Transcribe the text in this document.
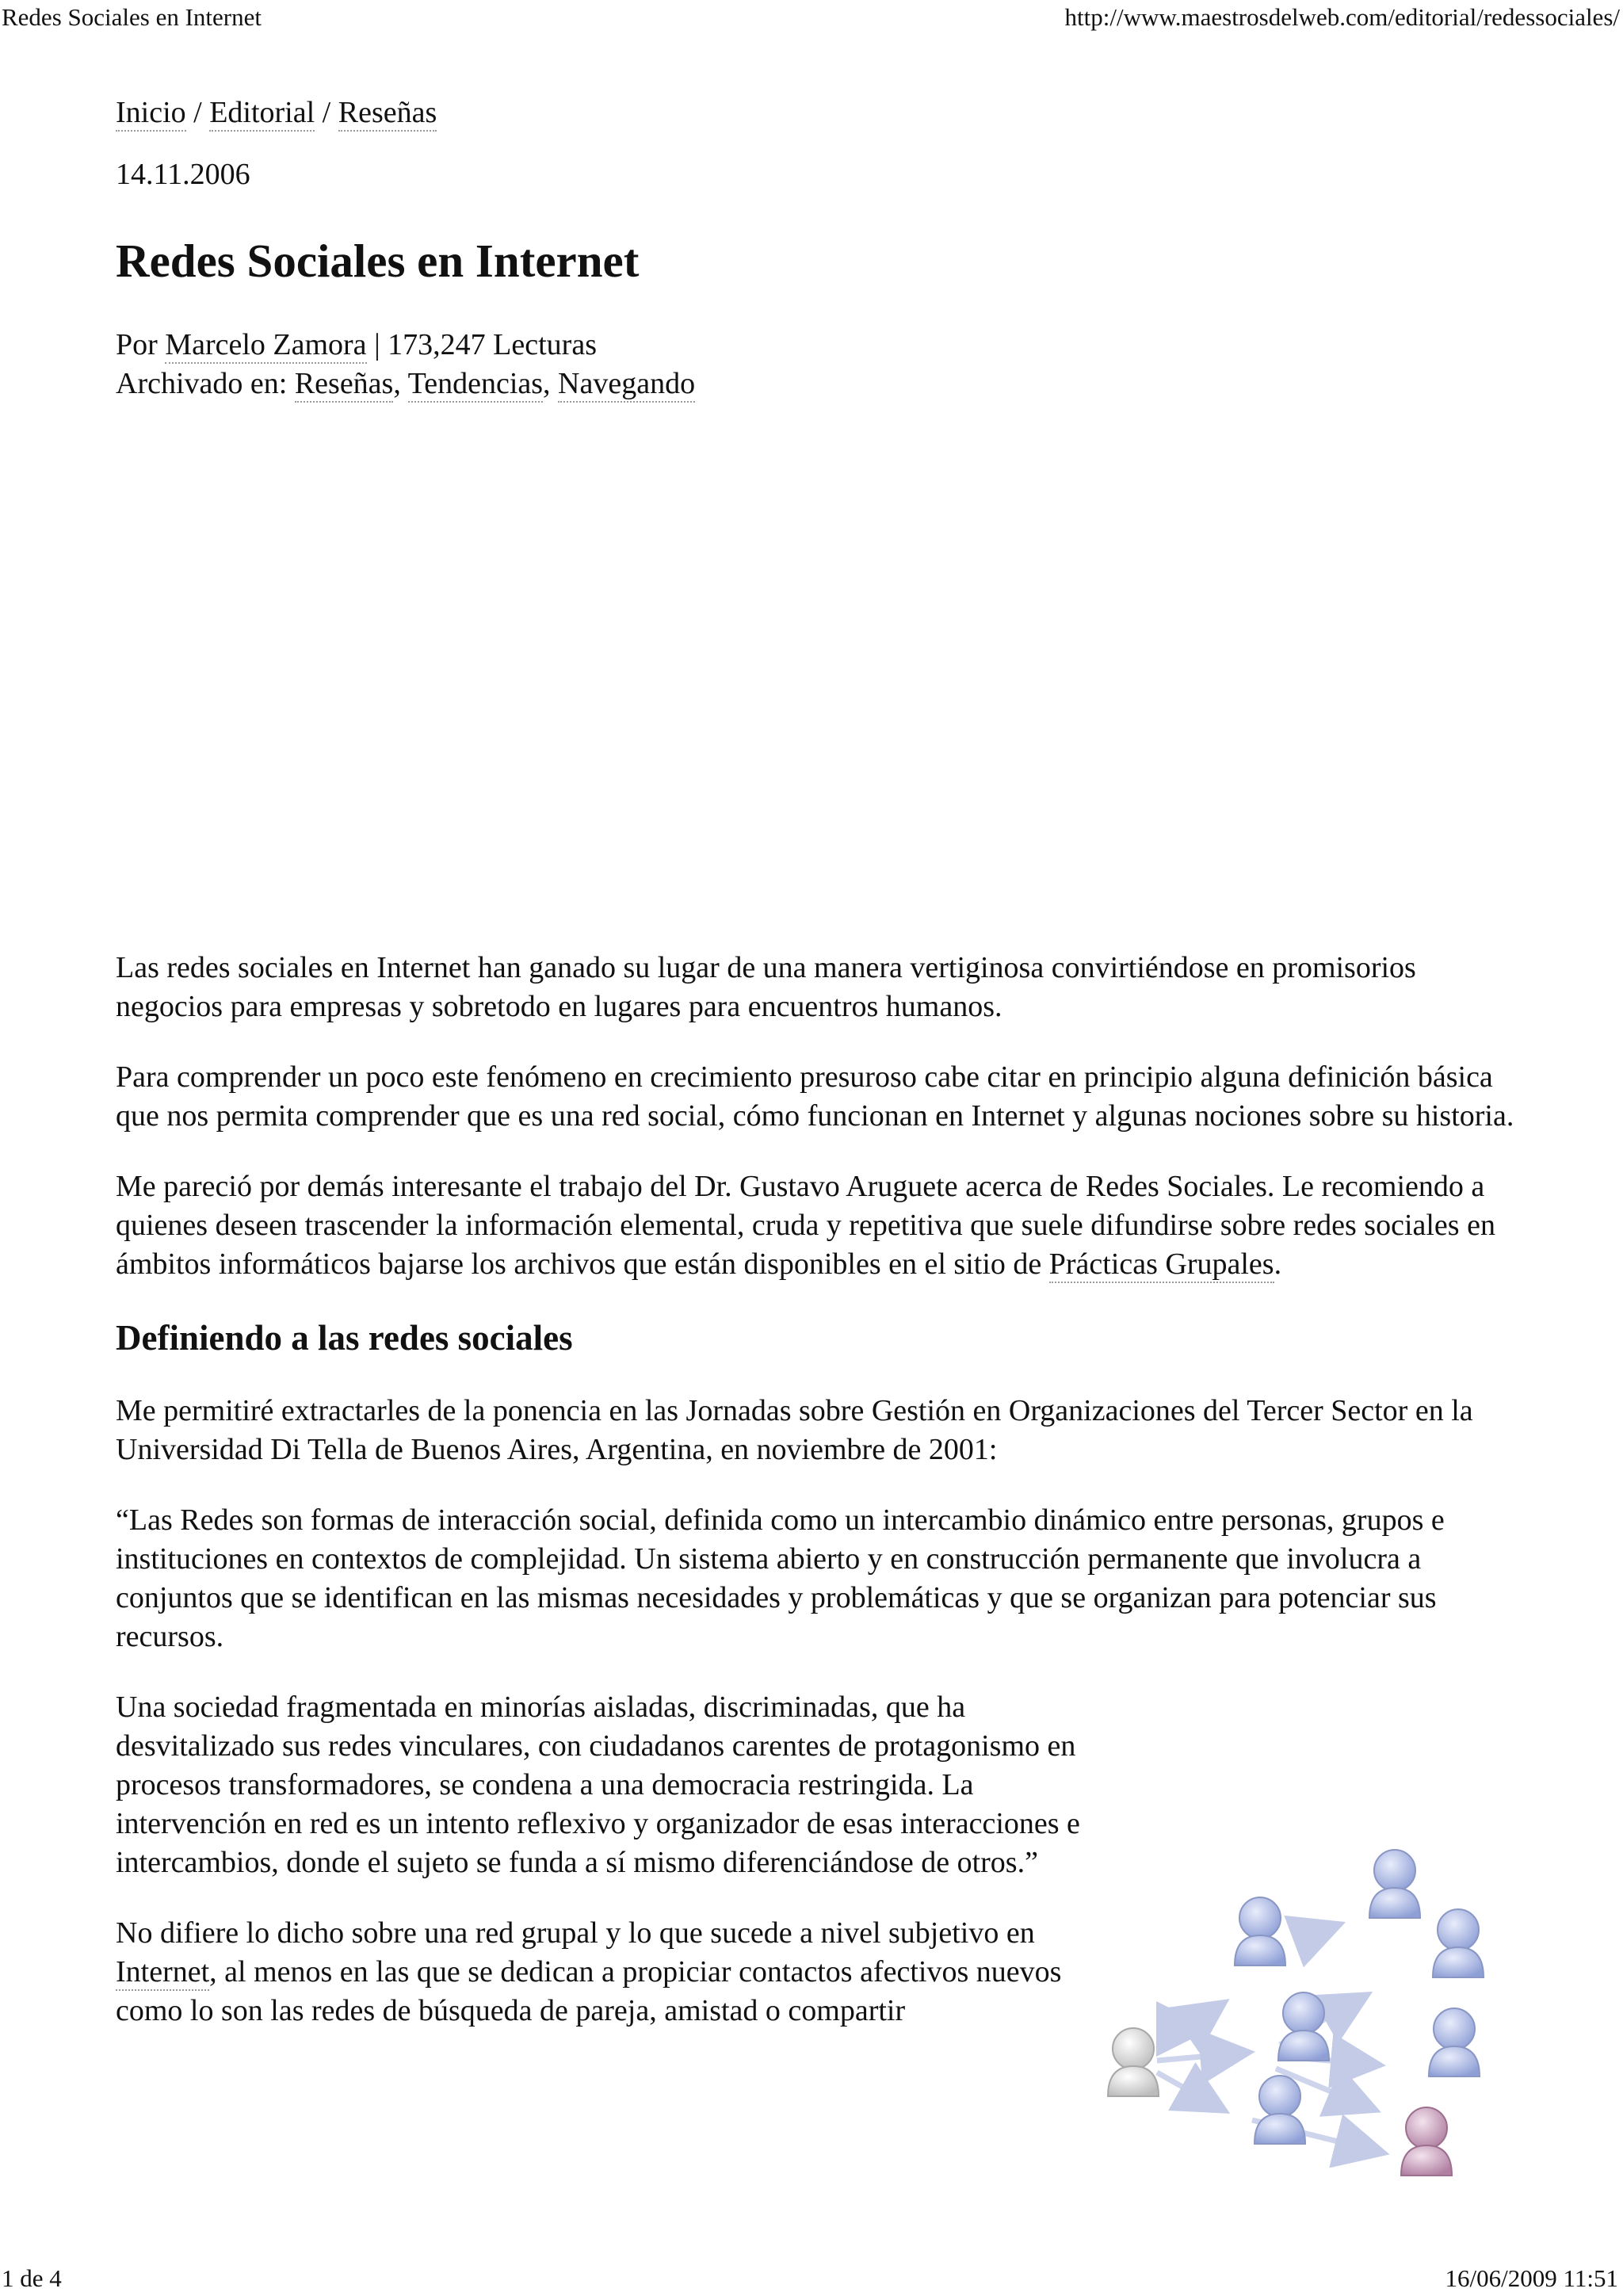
Redes Sociales en Internet	http://www.maestrosdelweb.com/editorial/redessociales/
Inicio / Editorial / Reseñas
14.11.2006
Redes Sociales en Internet
Por Marcelo Zamora | 173,247 Lecturas
Archivado en: Reseñas, Tendencias, Navegando

Las redes sociales en Internet han ganado su lugar de una manera vertiginosa convirtiéndose en promisorios negocios para empresas y sobretodo en lugares para encuentros humanos.

Para comprender un poco este fenómeno en crecimiento presuroso cabe citar en principio alguna definición básica que nos permita comprender que es una red social, cómo funcionan en Internet y algunas nociones sobre su historia.

Me pareció por demás interesante el trabajo del Dr. Gustavo Aruguete acerca de Redes Sociales. Le recomiendo a quienes deseen trascender la información elemental, cruda y repetitiva que suele difundirse sobre redes sociales en ámbitos informáticos bajarse los archivos que están disponibles en el sitio de Prácticas Grupales.

Definiendo a las redes sociales

Me permitiré extractarles de la ponencia en las Jornadas sobre Gestión en Organizaciones del Tercer Sector en la Universidad Di Tella de Buenos Aires, Argentina, en noviembre de 2001:

“Las Redes son formas de interacción social, definida como un intercambio dinámico entre personas, grupos e instituciones en contextos de complejidad. Un sistema abierto y en construcción permanente que involucra a conjuntos que se identifican en las mismas necesidades y problemáticas y que se organizan para potenciar sus recursos.

Una sociedad fragmentada en minorías aisladas, discriminadas, que ha desvitalizado sus redes vinculares, con ciudadanos carentes de protagonismo en procesos transformadores, se condena a una democracia restringida. La intervención en red es un intento reflexivo y organizador de esas interacciones e intercambios, donde el sujeto se funda a sí mismo diferenciándose de otros.”

No difiere lo dicho sobre una red grupal y lo que sucede a nivel subjetivo en Internet, al menos en las que se dedican a propiciar contactos afectivos nuevos como lo son las redes de búsqueda de pareja, amistad o compartir

1 de 4	16/06/2009 11:51
